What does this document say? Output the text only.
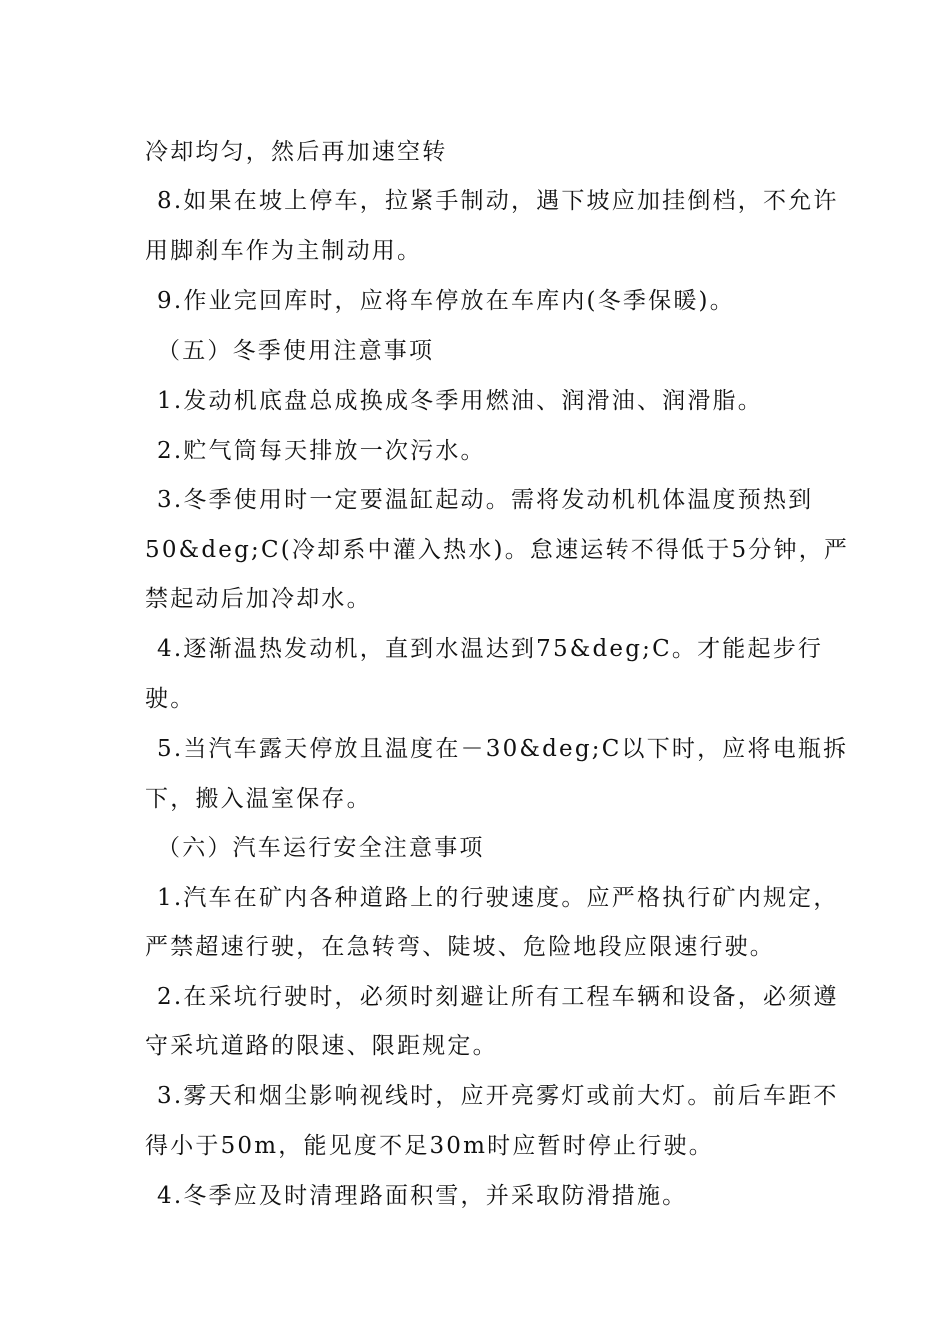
冷却均匀，然后再加速空转
8.如果在坡上停车，拉紧手制动，遇下坡应加挂倒档，不允许
用脚刹车作为主制动用。
9.作业完回库时，应将车停放在车库内(冬季保暖)。
（五）冬季使用注意事项
1.发动机底盘总成换成冬季用燃油、润滑油、润滑脂。
2.贮气筒每天排放一次污水。
3.冬季使用时一定要温缸起动。需将发动机机体温度预热到
50&deg;C(冷却系中灌入热水)。怠速运转不得低于5分钟，严
禁起动后加冷却水。
4.逐渐温热发动机，直到水温达到75&deg;C。才能起步行
驶。
5.当汽车露天停放且温度在－30&deg;C以下时，应将电瓶拆
下，搬入温室保存。
（六）汽车运行安全注意事项
1.汽车在矿内各种道路上的行驶速度。应严格执行矿内规定，
严禁超速行驶，在急转弯、陡坡、危险地段应限速行驶。
2.在采坑行驶时，必须时刻避让所有工程车辆和设备，必须遵
守采坑道路的限速、限距规定。
3.雾天和烟尘影响视线时，应开亮雾灯或前大灯。前后车距不
得小于50m，能见度不足30m时应暂时停止行驶。
4.冬季应及时清理路面积雪，并采取防滑措施。
